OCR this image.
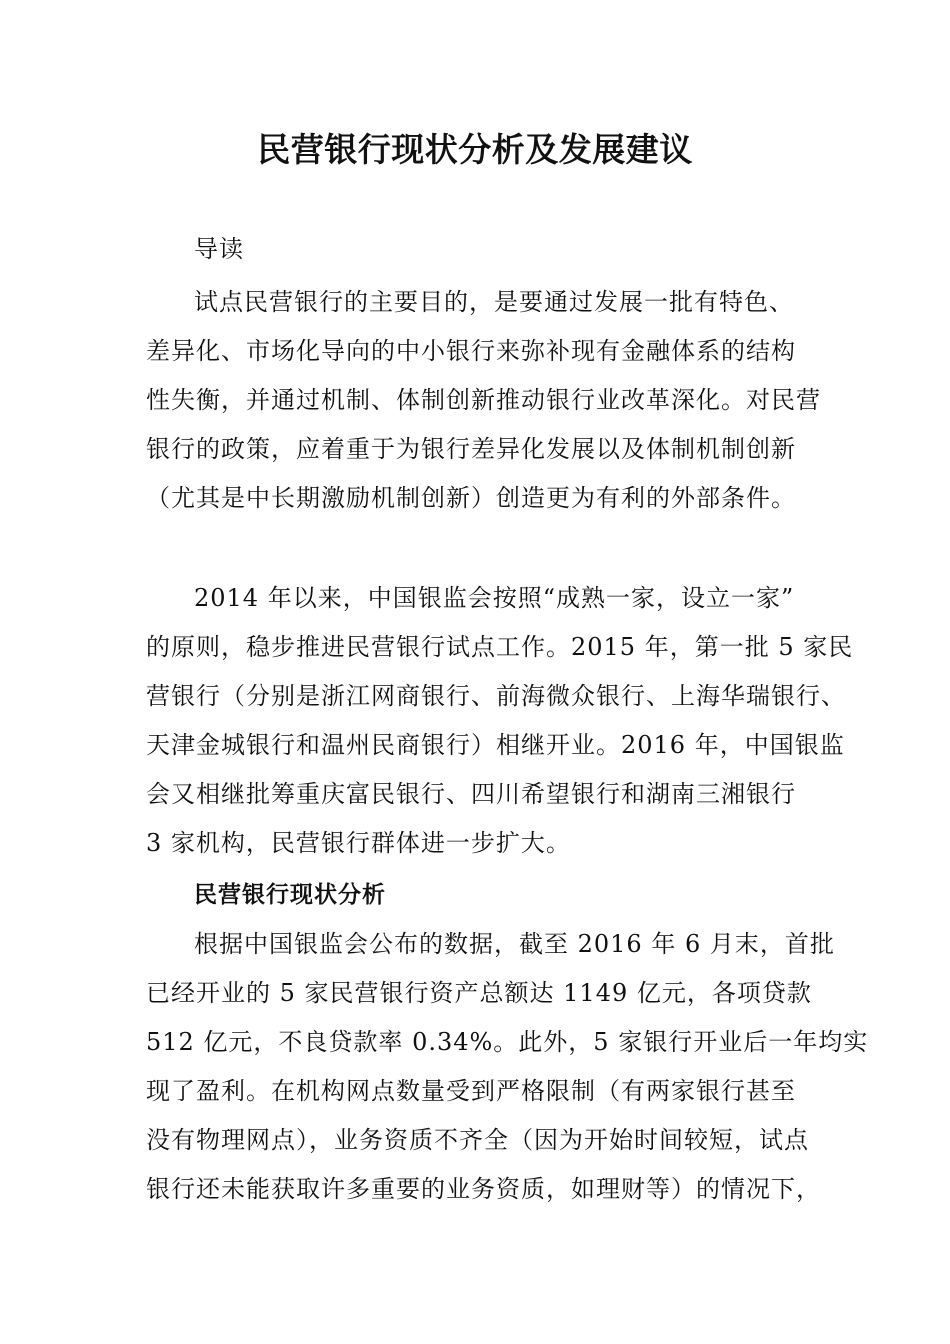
民营银行现状分析及发展建议
导读
试点民营银行的主要目的，是要通过发展一批有特色、
差异化、市场化导向的中小银行来弥补现有金融体系的结构
性失衡，并通过机制、体制创新推动银行业改革深化。对民营
银行的政策，应着重于为银行差异化发展以及体制机制创新
（尤其是中长期激励机制创新）创造更为有利的外部条件。
2014 年以来，中国银监会按照“成熟一家，设立一家”
的原则，稳步推进民营银行试点工作。2015 年，第一批 5 家民
营银行（分别是浙江网商银行、前海微众银行、上海华瑞银行、
天津金城银行和温州民商银行）相继开业。2016 年，中国银监
会又相继批筹重庆富民银行、四川希望银行和湖南三湘银行
3 家机构，民营银行群体进一步扩大。
民营银行现状分析
根据中国银监会公布的数据，截至 2016 年 6 月末，首批
已经开业的 5 家民营银行资产总额达 1149 亿元，各项贷款
512 亿元，不良贷款率 0.34%。此外，5 家银行开业后一年均实
现了盈利。在机构网点数量受到严格限制（有两家银行甚至
没有物理网点），业务资质不齐全（因为开始时间较短，试点
银行还未能获取许多重要的业务资质，如理财等）的情况下，
